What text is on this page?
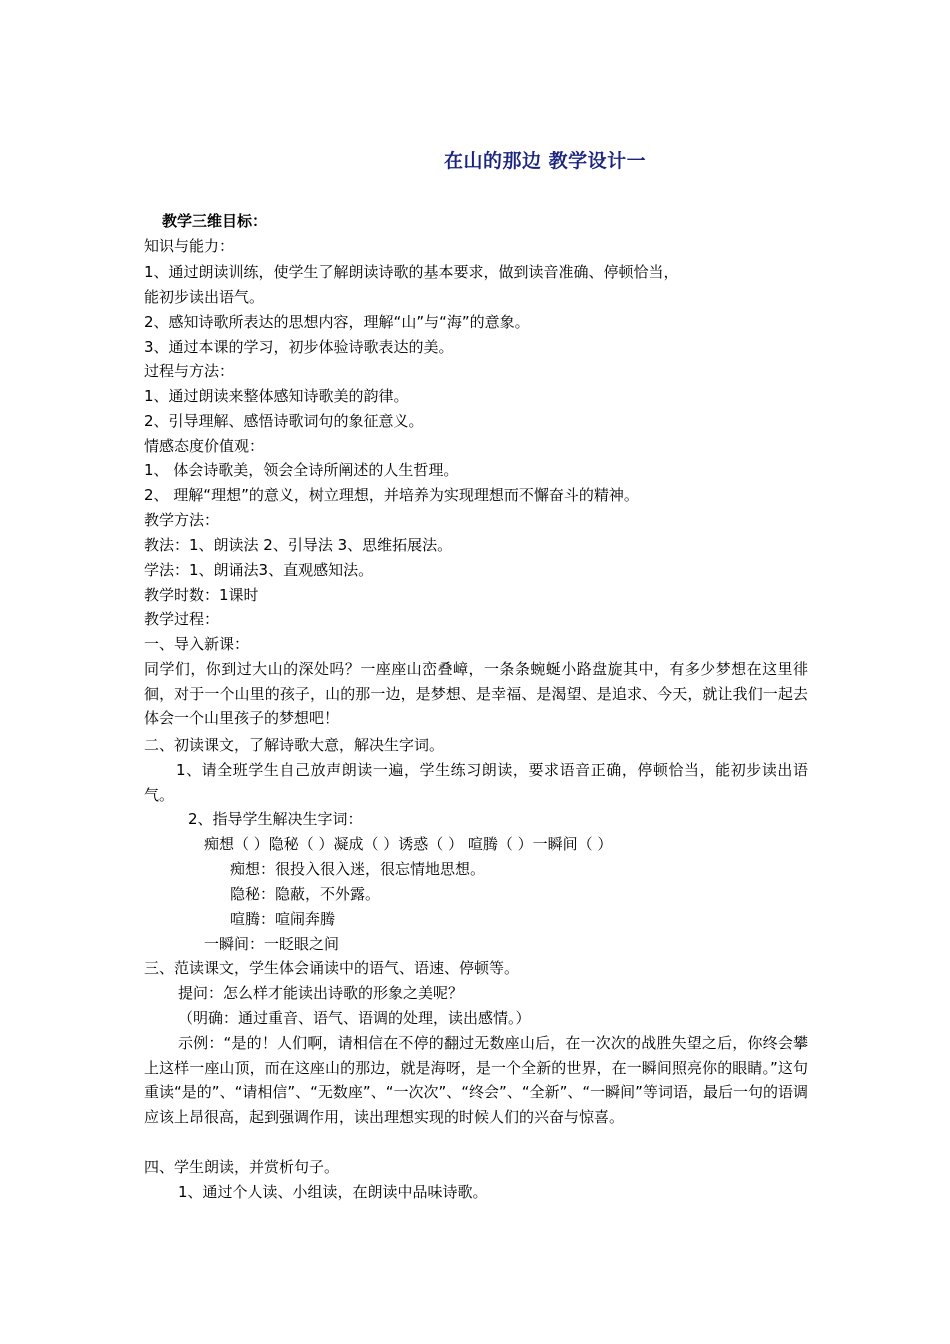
在山的那边 教学设计一
教学三维目标：
知识与能力：
1、通过朗读训练，使学生了解朗读诗歌的基本要求，做到读音准确、停顿恰当，
能初步读出语气。
2、感知诗歌所表达的思想内容，理解“山”与“海”的意象。
3、通过本课的学习，初步体验诗歌表达的美。
过程与方法：
1、通过朗读来整体感知诗歌美的韵律。
2、引导理解、感悟诗歌词句的象征意义。
情感态度价值观：
1、 体会诗歌美，领会全诗所阐述的人生哲理。
2、 理解“理想”的意义，树立理想，并培养为实现理想而不懈奋斗的精神。
教学方法：
教法：1、朗读法 2、引导法 3、思维拓展法。
学法：1、朗诵法3、直观感知法。
教学时数：1课时
教学过程：
一、导入新课：
同学们，你到过大山的深处吗？一座座山峦叠嶂，一条条蜿蜒小路盘旋其中，有多少梦想在这里徘徊，对于一个山里的孩子，山的那一边，是梦想、是幸福、是渴望、是追求、今天，就让我们一起去体会一个山里孩子的梦想吧！
二、初读课文，了解诗歌大意，解决生字词。
1、请全班学生自己放声朗读一遍，学生练习朗读，要求语音正确，停顿恰当，能初步读出语气。
2、指导学生解决生字词：
痴想（ ）隐秘（ ）凝成（ ）诱惑（ ） 喧腾（ ）一瞬间（ ）
痴想：很投入很入迷，很忘情地思想。
隐秘：隐蔽，不外露。
喧腾：喧闹奔腾
一瞬间：一眨眼之间
三、范读课文，学生体会诵读中的语气、语速、停顿等。
提问：怎么样才能读出诗歌的形象之美呢？
（明确：通过重音、语气、语调的处理，读出感情。）
示例：“是的！人们啊，请相信在不停的翻过无数座山后，在一次次的战胜失望之后，你终会攀上这样一座山顶，而在这座山的那边，就是海呀，是一个全新的世界，在一瞬间照亮你的眼睛。”这句重读“是的”、“请相信”、“无数座”、“一次次”、“终会”、“全新”、“一瞬间”等词语，最后一句的语调应该上昂很高，起到强调作用，读出理想实现的时候人们的兴奋与惊喜。
四、学生朗读，并赏析句子。
1、通过个人读、小组读，在朗读中品味诗歌。
